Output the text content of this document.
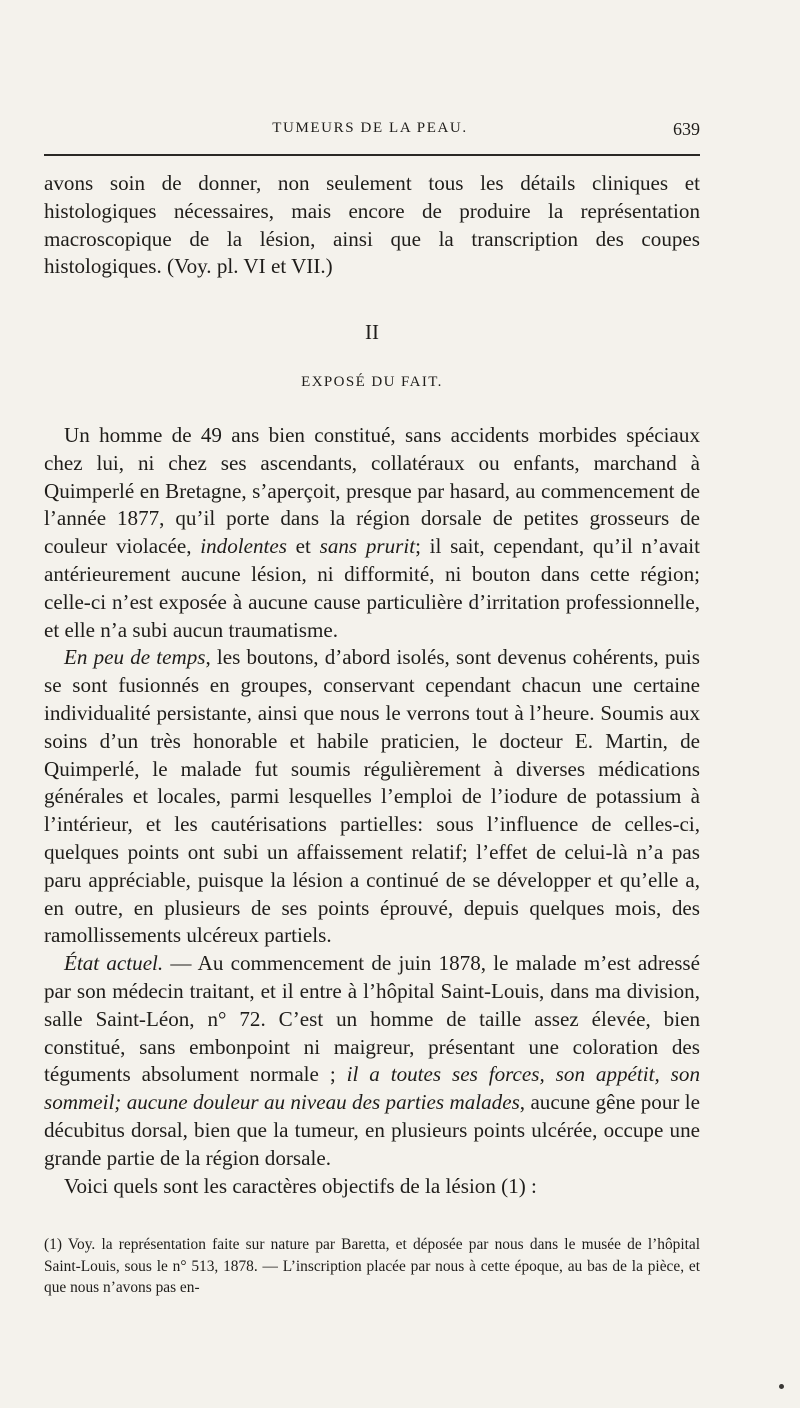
TUMEURS DE LA PEAU.	639

avons soin de donner, non seulement tous les détails cliniques et histologiques nécessaires, mais encore de produire la représentation macroscopique de la lésion, ainsi que la transcription des coupes histologiques. (Voy. pl. VI et VII.)

II
EXPOSÉ DU FAIT.

Un homme de 49 ans bien constitué, sans accidents morbides spéciaux chez lui, ni chez ses ascendants, collatéraux ou enfants, marchand à Quimperlé en Bretagne, s’aperçoit, presque par hasard, au commencement de l’année 1877, qu’il porte dans la région dorsale de petites grosseurs de couleur violacée, indolentes et sans prurit; il sait, cependant, qu’il n’avait antérieurement aucune lésion, ni difformité, ni bouton dans cette région; celle-ci n’est exposée à aucune cause particulière d’irritation professionnelle, et elle n’a subi aucun traumatisme.

En peu de temps, les boutons, d’abord isolés, sont devenus cohérents, puis se sont fusionnés en groupes, conservant cependant chacun une certaine individualité persistante, ainsi que nous le verrons tout à l’heure. Soumis aux soins d’un très honorable et habile praticien, le docteur E. Martin, de Quimperlé, le malade fut soumis régulièrement à diverses médications générales et locales, parmi lesquelles l’emploi de l’iodure de potassium à l’intérieur, et les cautérisations partielles: sous l’influence de celles-ci, quelques points ont subi un affaissement relatif; l’effet de celui-là n’a pas paru appréciable, puisque la lésion a continué de se développer et qu’elle a, en outre, en plusieurs de ses points éprouvé, depuis quelques mois, des ramollissements ulcéreux partiels.

État actuel. — Au commencement de juin 1878, le malade m’est adressé par son médecin traitant, et il entre à l’hôpital Saint-Louis, dans ma division, salle Saint-Léon, n° 72. C’est un homme de taille assez élevée, bien constitué, sans embonpoint ni maigreur, présentant une coloration des téguments absolument normale ; il a toutes ses forces, son appétit, son sommeil; aucune douleur au niveau des parties malades, aucune gêne pour le décubitus dorsal, bien que la tumeur, en plusieurs points ulcérée, occupe une grande partie de la région dorsale.

Voici quels sont les caractères objectifs de la lésion (1) :

(1) Voy. la représentation faite sur nature par Baretta, et déposée par nous dans le musée de l’hôpital Saint-Louis, sous le n° 513, 1878. — L’inscription placée par nous à cette époque, au bas de la pièce, et que nous n’avons pas en-
